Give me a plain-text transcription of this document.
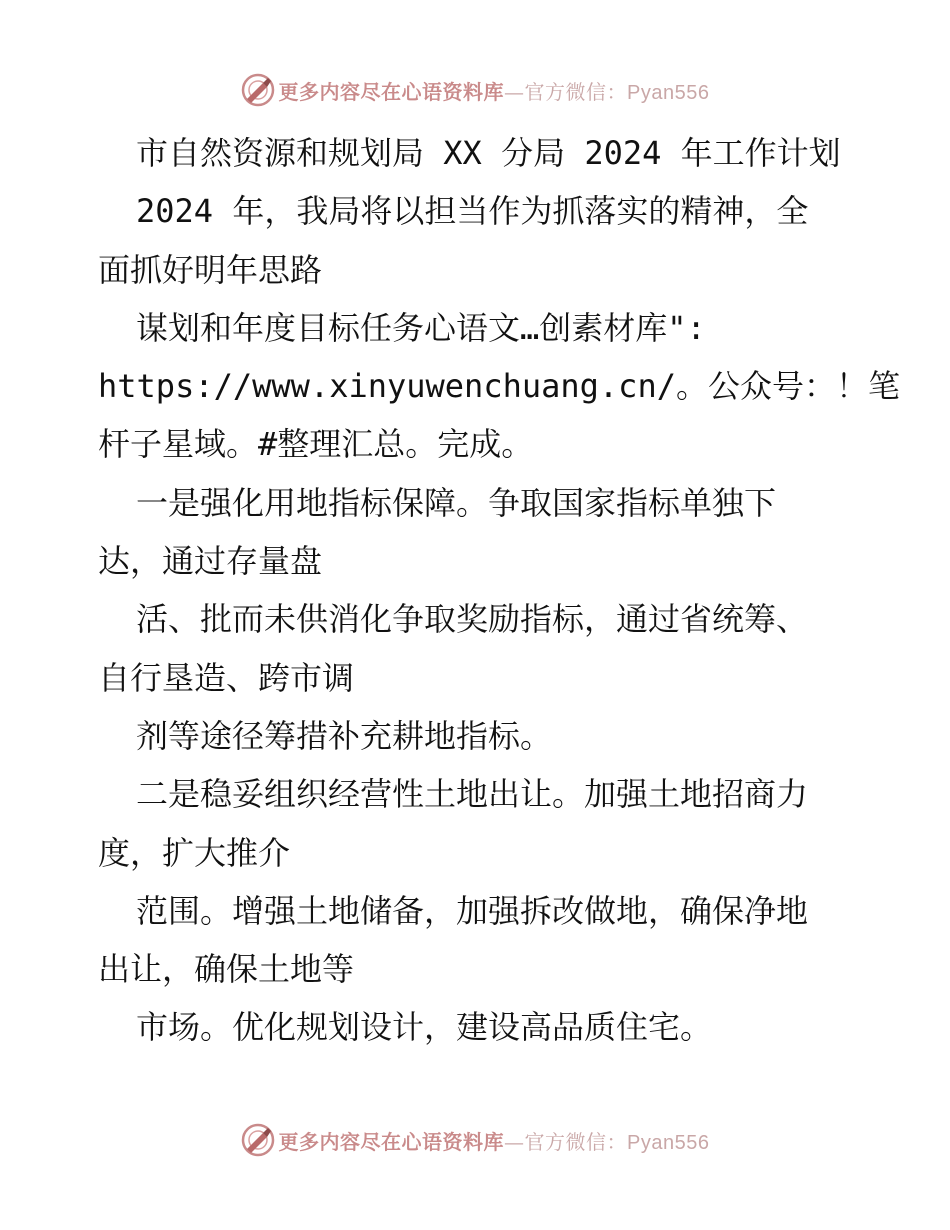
更多内容尽在心语资料库—官方微信：Pyan556
市自然资源和规划局 XX 分局 2024 年工作计划
2024 年，我局将以担当作为抓落实的精神，全
面抓好明年思路
谋划和年度目标任务心语文…创素材库":
https://www.xinyuwenchuang.cn/。公众号：！笔
杆子星域。#整理汇总。完成。
一是强化用地指标保障。争取国家指标单独下
达，通过存量盘
活、批而未供消化争取奖励指标，通过省统筹、
自行垦造、跨市调
剂等途径筹措补充耕地指标。
二是稳妥组织经营性土地出让。加强土地招商力
度，扩大推介
范围。增强土地储备，加强拆改做地，确保净地
出让，确保土地等
市场。优化规划设计，建设高品质住宅。
更多内容尽在心语资料库—官方微信：Pyan556
